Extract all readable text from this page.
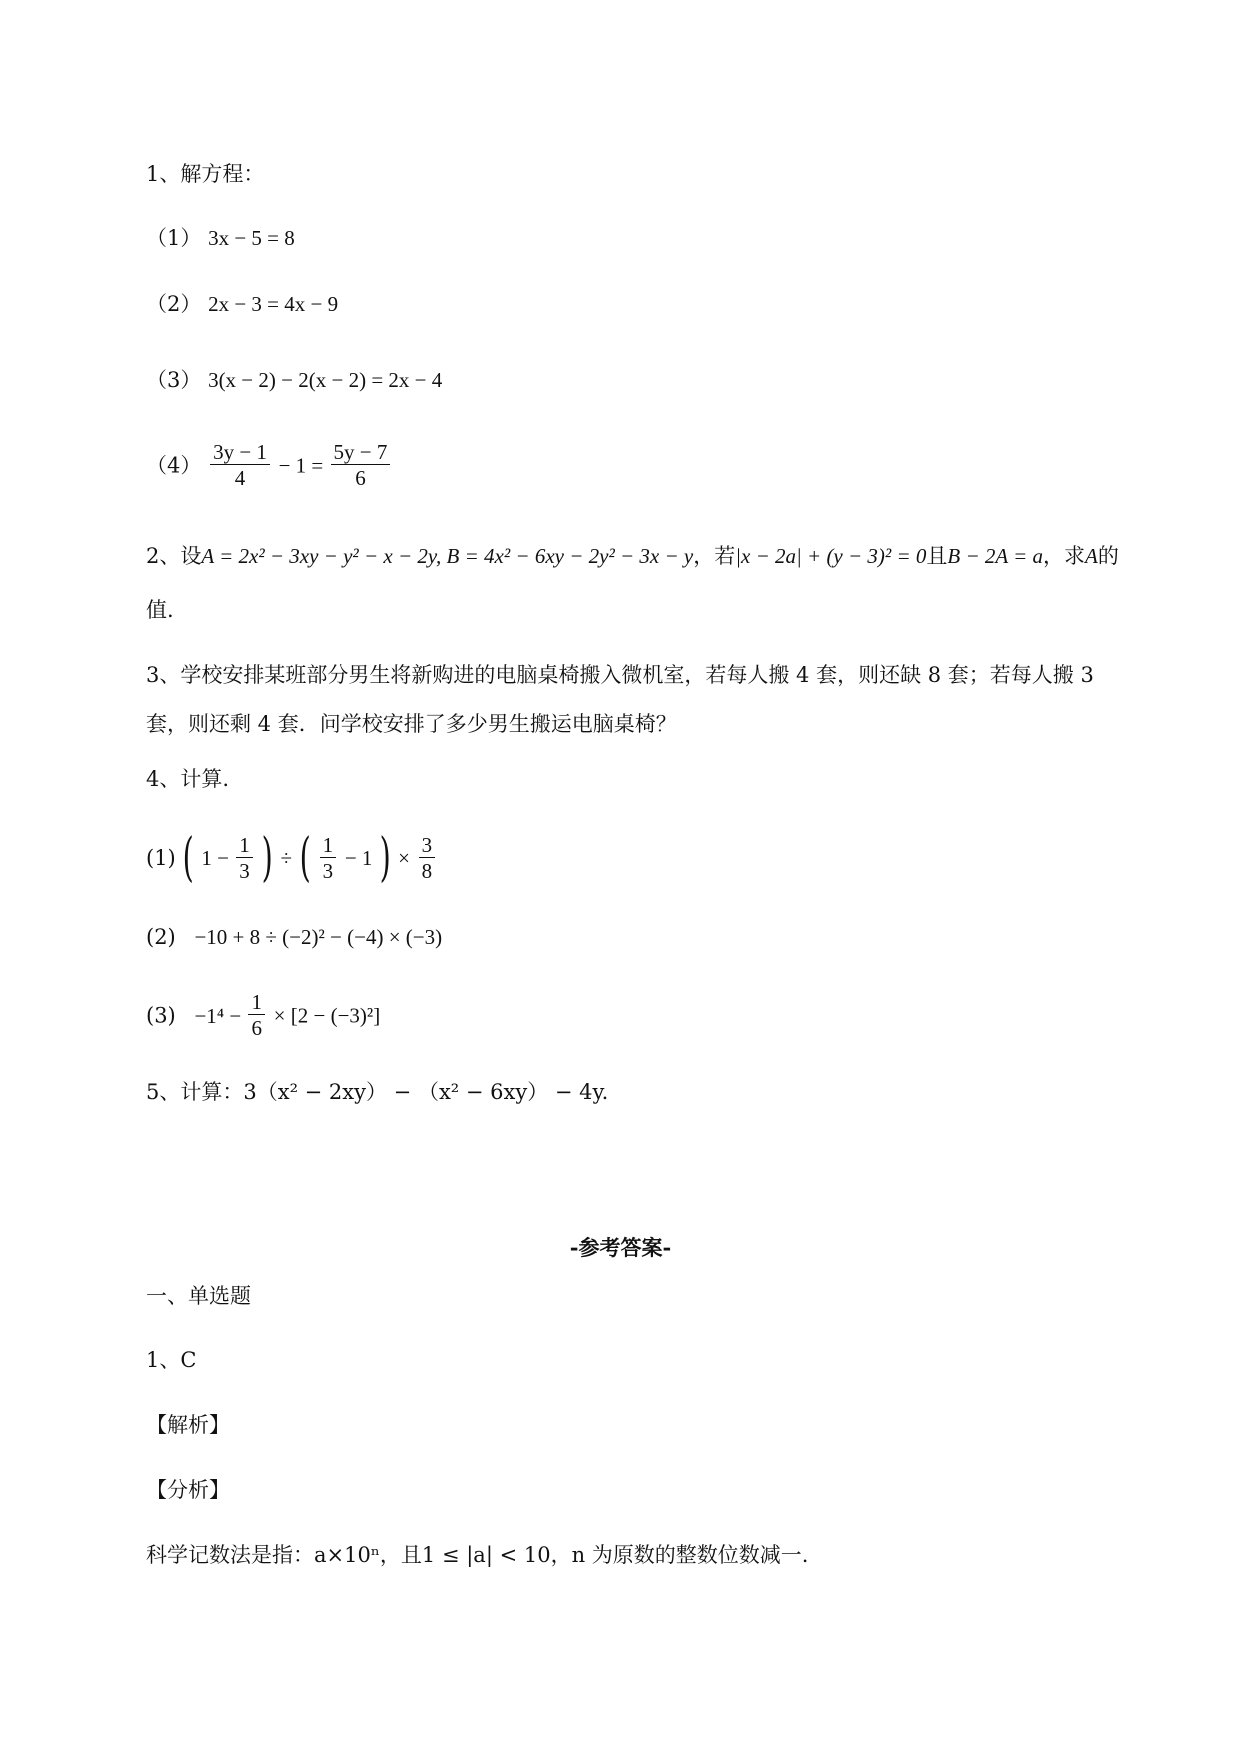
1、解方程：
（1） 3x − 5 = 8
（2） 2x − 3 = 4x − 9
（3） 3(x − 2) − 2(x − 2) = 2x − 4
$(4) \frac{3y - 1}{4} - 1 = \frac{5y - 7}{6}$
2、设A = 2x² − 3xy − y² − x − 2y, B = 4x² − 6xy − 2y² − 3x − y，若|x − 2a| + (y − 3)² = 0且B − 2A = a，求A的
值.
3、学校安排某班部分男生将新购进的电脑桌椅搬入微机室，若每人搬 4 套，则还缺 8 套；若每人搬 3
套，则还剩 4 套．问学校安排了多少男生搬运电脑桌椅？
4、计算.
(1) ( $1 - \frac{1}{3}$ ) ÷ ( $\frac{1}{3} - 1$ ) × $\frac{3}{8}$
(2) −10 + 8 ÷ (−2)² − (−4) × (−3)
$(3) -1^4 - \frac{1}{6} \times [2 - (-3)^2]$
5、计算：3（x² − 2xy） − （x² − 6xy） − 4y.
-参考答案-
一、单选题
1、C
【解析】
【分析】
科学记数法是指：a×10ⁿ，且1 ≤ |a| < 10，n 为原数的整数位数减一.
